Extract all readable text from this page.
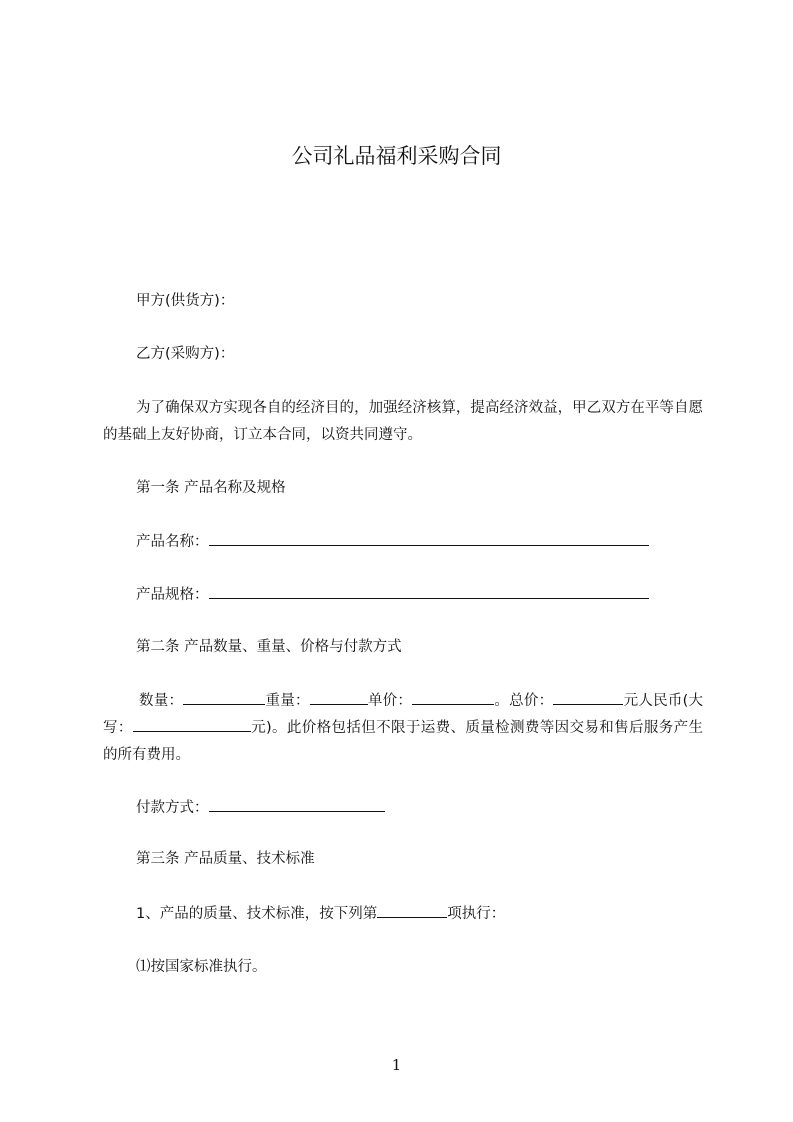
公司礼品福利采购合同
甲方(供货方)：
乙方(采购方)：
为了确保双方实现各自的经济目的，加强经济核算，提高经济效益，甲乙双方在平等自愿的基础上友好协商，订立本合同，以资共同遵守。
第一条 产品名称及规格
产品名称：
产品规格：
第二条 产品数量、重量、价格与付款方式
数量：	重量：	单价：	。总价：	元人民币(大写：	元)。此价格包括但不限于运费、质量检测费等因交易和售后服务产生的所有费用。
付款方式：
第三条 产品质量、技术标准
1、产品的质量、技术标准，按下列第	项执行：
⑴按国家标准执行。
1
